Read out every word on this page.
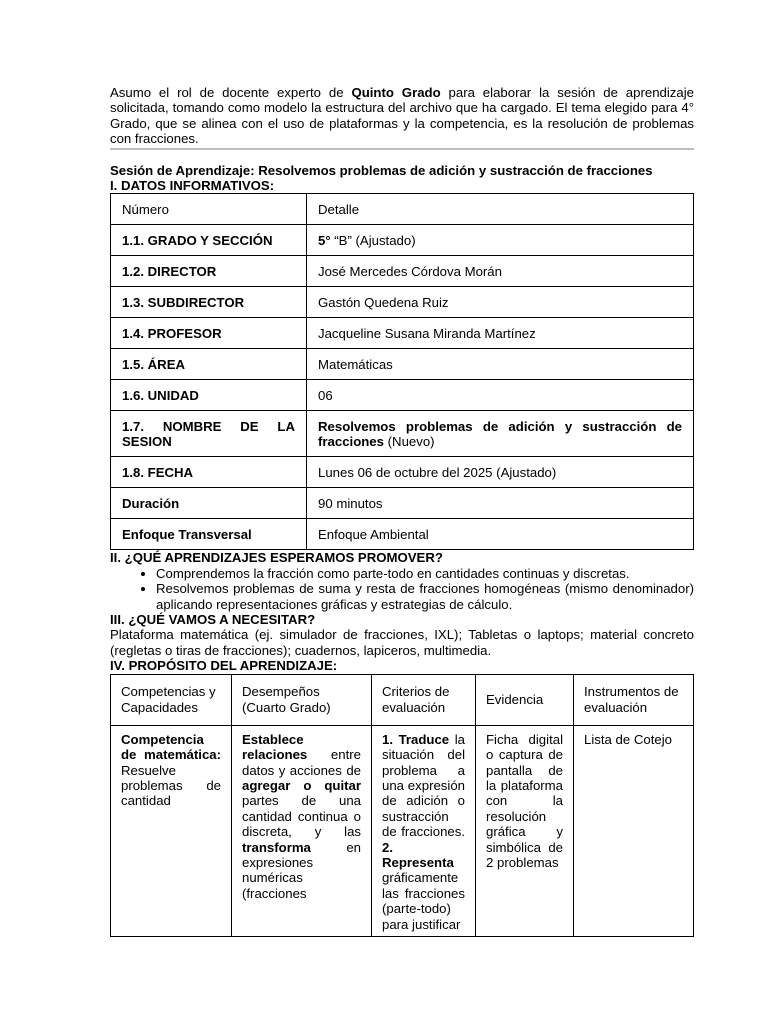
Asumo el rol de docente experto de Quinto Grado para elaborar la sesión de aprendizaje solicitada, tomando como modelo la estructura del archivo que ha cargado. El tema elegido para 4° Grado, que se alinea con el uso de plataformas y la competencia, es la resolución de problemas con fracciones.

Sesión de Aprendizaje: Resolvemos problemas de adición y sustracción de fracciones

I. DATOS INFORMATIVOS:

Número	Detalle
1.1. GRADO Y SECCIÓN	5° “B” (Ajustado)
1.2. DIRECTOR	José Mercedes Córdova Morán
1.3. SUBDIRECTOR	Gastón Quedena Ruiz
1.4. PROFESOR	Jacqueline Susana Miranda Martínez
1.5. ÁREA	Matemáticas
1.6. UNIDAD	06
1.7. NOMBRE DE LA SESION	Resolvemos problemas de adición y sustracción de fracciones (Nuevo)
1.8. FECHA	Lunes 06 de octubre del 2025 (Ajustado)
Duración	90 minutos
Enfoque Transversal	Enfoque Ambiental

II. ¿QUÉ APRENDIZAJES ESPERAMOS PROMOVER?

• Comprendemos la fracción como parte-todo en cantidades continuas y discretas.
• Resolvemos problemas de suma y resta de fracciones homogéneas (mismo denominador) aplicando representaciones gráficas y estrategias de cálculo.

III. ¿QUÉ VAMOS A NECESITAR?

Plataforma matemática (ej. simulador de fracciones, IXL); Tabletas o laptops; material concreto (regletas o tiras de fracciones); cuadernos, lapiceros, multimedia.

IV. PROPÓSITO DEL APRENDIZAJE:

Competencias y Capacidades	Desempeños (Cuarto Grado)	Criterios de evaluación	Evidencia	Instrumentos de evaluación
Competencia de matemática: Resuelve problemas de cantidad	Establece relaciones entre datos y acciones de agregar o quitar partes de una cantidad continua o discreta, y las transforma en expresiones numéricas (fracciones	1. Traduce la situación del problema a una expresión de adición o sustracción de fracciones. 2. Representa gráficamente las fracciones (parte-todo) para justificar	Ficha digital o captura de pantalla de la plataforma con la resolución gráfica y simbólica de 2 problemas	Lista de Cotejo
